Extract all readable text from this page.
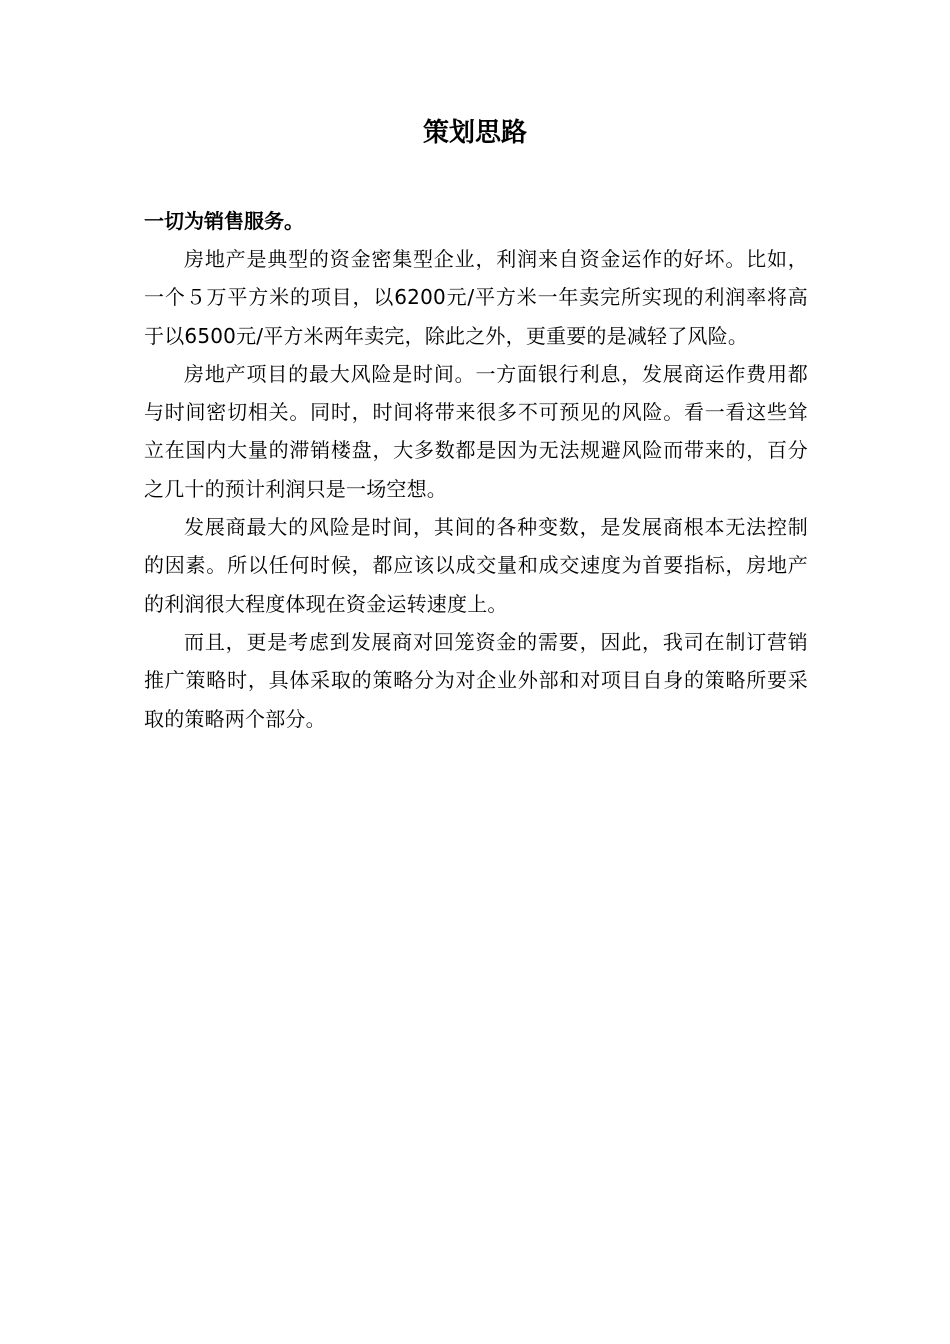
策划思路

一切为销售服务。

房地产是典型的资金密集型企业，利润来自资金运作的好坏。比如，一个５万平方米的项目，以6200元/平方米一年卖完所实现的利润率将高于以6500元/平方米两年卖完，除此之外，更重要的是减轻了风险。

房地产项目的最大风险是时间。一方面银行利息，发展商运作费用都与时间密切相关。同时，时间将带来很多不可预见的风险。看一看这些耸立在国内大量的滞销楼盘，大多数都是因为无法规避风险而带来的，百分之几十的预计利润只是一场空想。

发展商最大的风险是时间，其间的各种变数，是发展商根本无法控制的因素。所以任何时候，都应该以成交量和成交速度为首要指标，房地产的利润很大程度体现在资金运转速度上。

而且，更是考虑到发展商对回笼资金的需要，因此，我司在制订营销推广策略时，具体采取的策略分为对企业外部和对项目自身的策略所要采取的策略两个部分。
